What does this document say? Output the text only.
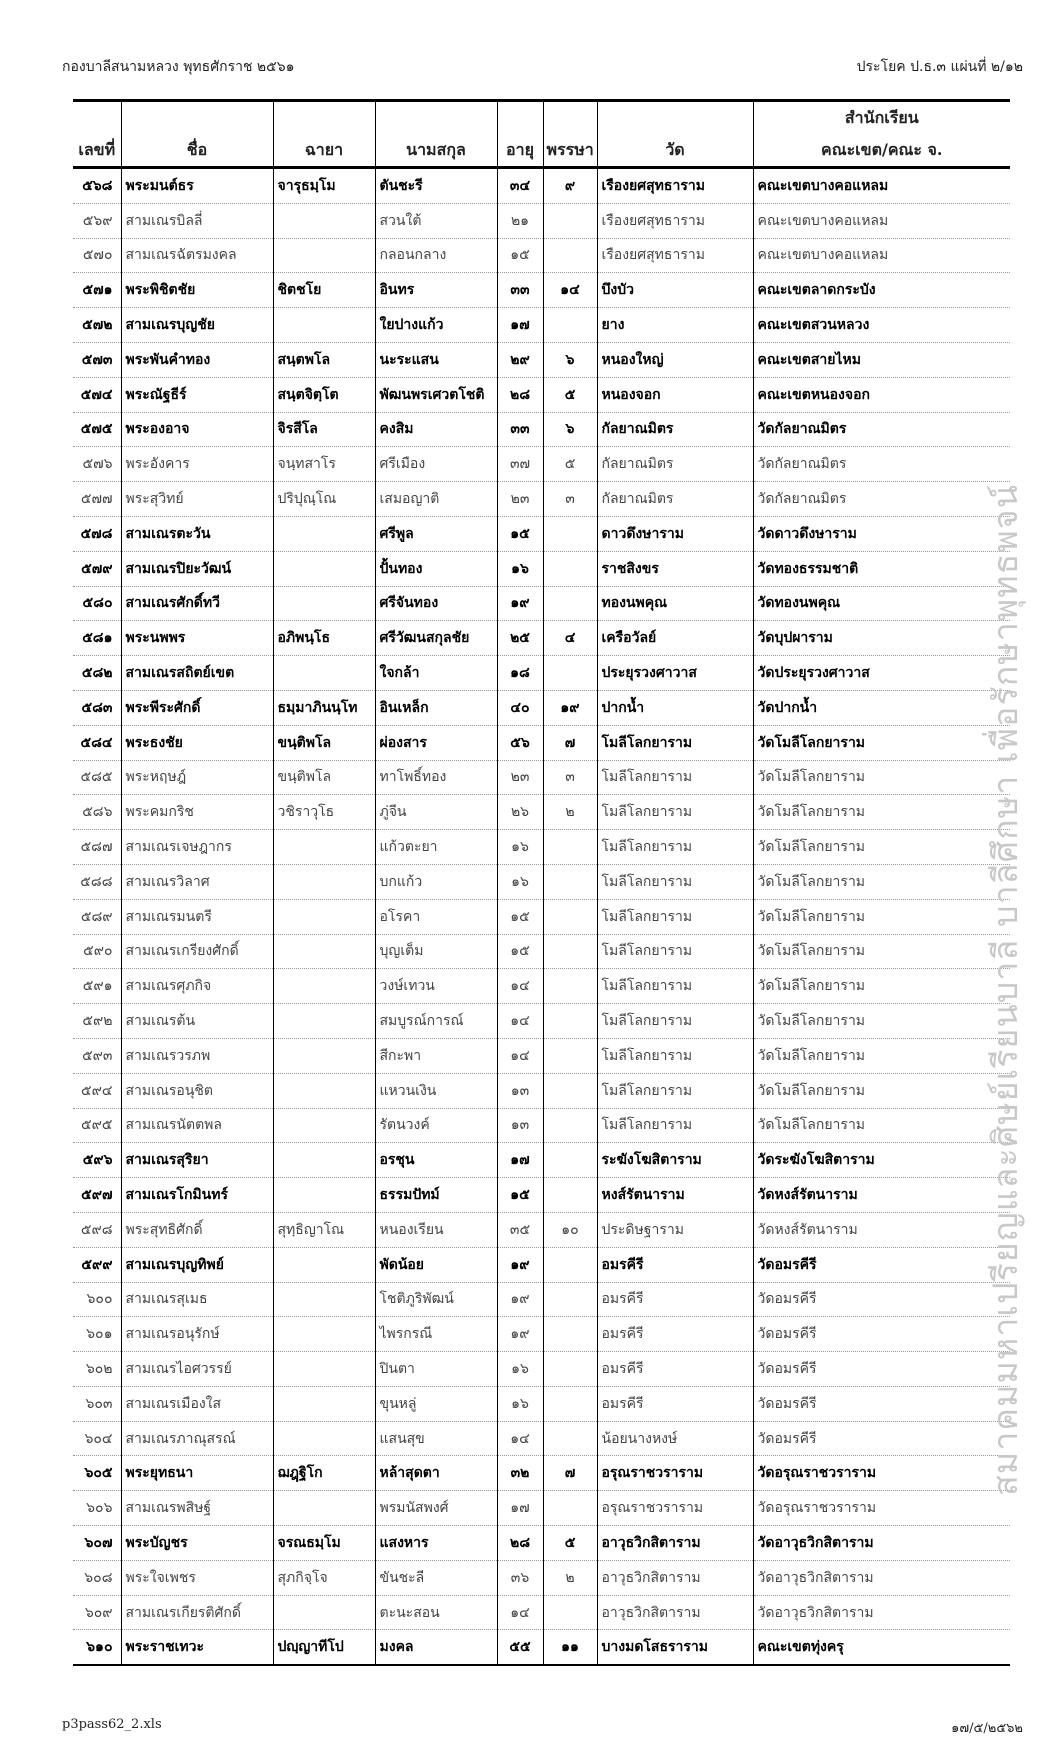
กองบาลีสนามหลวง พุทธศักราช ๒๕๖๑	ประโยค ป.ธ.๓ แผ่นที่ ๒/๑๒
เลขที่	ชื่อ	ฉายา	นามสกุล	อายุ	พรรษา	วัด	สำนักเรียน
คณะเขต/คณะ จ.

๕๖๘	พระมนต์ธร	จารุธมฺโม	ตันชะรี	๓๔	๙	เรืองยศสุทธาราม	คณะเขตบางคอแหลม
๕๖๙	สามเณรบิลลี่		สวนใต้	๒๑		เรืองยศสุทธาราม	คณะเขตบางคอแหลม
๕๗๐	สามเณรฉัตรมงคล		กลอนกลาง	๑๕		เรืองยศสุทธาราม	คณะเขตบางคอแหลม
๕๗๑	พระพิชิตชัย	ชิตชโย	อินทร	๓๓	๑๔	บึงบัว	คณะเขตลาดกระบัง
๕๗๒	สามเณรบุญชัย		ใยปางแก้ว	๑๗		ยาง	คณะเขตสวนหลวง
๕๗๓	พระพันคำทอง	สนฺตพโล	นะระแสน	๒๙	๖	หนองใหญ่	คณะเขตสายไหม
๕๗๔	พระณัฐธีร์	สนฺตจิตฺโต	พัฒนพรเศวตโชติ	๒๘	๕	หนองจอก	คณะเขตหนองจอก
๕๗๕	พระองอาจ	จิรสีโล	คงสิม	๓๓	๖	กัลยาณมิตร	วัดกัลยาณมิตร
๕๗๖	พระอังคาร	จนฺทสาโร	ศรีเมือง	๓๗	๕	กัลยาณมิตร	วัดกัลยาณมิตร
๕๗๗	พระสุวิทย์	ปริปุณฺโณ	เสมอญาติ	๒๓	๓	กัลยาณมิตร	วัดกัลยาณมิตร
๕๗๘	สามเณรตะวัน		ศรีพูล	๑๕		ดาวดึงษาราม	วัดดาวดึงษาราม
๕๗๙	สามเณรปิยะวัฒน์		ปั้นทอง	๑๖		ราชสิงขร	วัดทองธรรมชาติ
๕๘๐	สามเณรศักดิ์ทวี		ศรีจันทอง	๑๙		ทองนพคุณ	วัดทองนพคุณ
๕๘๑	พระนพพร	อภิพนฺโธ	ศรีวัฒนสกุลชัย	๒๕	๔	เครือวัลย์	วัดบุปผาราม
๕๘๒	สามเณรสถิตย์เขต		ใจกล้า	๑๘		ประยุรวงศาวาส	วัดประยุรวงศาวาส
๕๘๓	พระพีระศักดิ์	ธมฺมาภินนฺโท	อินเหล็ก	๔๐	๑๙	ปากน้ำ	วัดปากน้ำ
๕๘๔	พระธงชัย	ขนฺติพโล	ผ่องสาร	๕๖	๗	โมลีโลกยาราม	วัดโมลีโลกยาราม
๕๘๕	พระหฤษฎ์	ขนฺติพโล	ทาโพธิ์ทอง	๒๓	๓	โมลีโลกยาราม	วัดโมลีโลกยาราม
๕๘๖	พระคมกริช	วชิราวุโธ	ภู่จีน	๒๖	๒	โมลีโลกยาราม	วัดโมลีโลกยาราม
๕๘๗	สามเณรเจษฎากร		แก้วตะยา	๑๖		โมลีโลกยาราม	วัดโมลีโลกยาราม
๕๘๘	สามเณรวิลาศ		บกแก้ว	๑๖		โมลีโลกยาราม	วัดโมลีโลกยาราม
๕๘๙	สามเณรมนตรี		อโรคา	๑๕		โมลีโลกยาราม	วัดโมลีโลกยาราม
๕๙๐	สามเณรเกรียงศักดิ์		บุญเต็ม	๑๕		โมลีโลกยาราม	วัดโมลีโลกยาราม
๕๙๑	สามเณรศุภกิจ		วงษ์เทวน	๑๔		โมลีโลกยาราม	วัดโมลีโลกยาราม
๕๙๒	สามเณรต้น		สมบูรณ์การณ์	๑๔		โมลีโลกยาราม	วัดโมลีโลกยาราม
๕๙๓	สามเณรวรภพ		สีกะพา	๑๔		โมลีโลกยาราม	วัดโมลีโลกยาราม
๕๙๔	สามเณรอนุชิต		แหวนเงิน	๑๓		โมลีโลกยาราม	วัดโมลีโลกยาราม
๕๙๕	สามเณรนัตตพล		รัตนวงค์	๑๓		โมลีโลกยาราม	วัดโมลีโลกยาราม
๕๙๖	สามเณรสุริยา		อรชุน	๑๗		ระฆังโฆสิตาราม	วัดระฆังโฆสิตาราม
๕๙๗	สามเณรโกมินทร์		ธรรมปัทม์	๑๕		หงส์รัตนาราม	วัดหงส์รัตนาราม
๕๙๘	พระสุทธิศักดิ์	สุทฺธิญาโณ	หนองเรียน	๓๕	๑๐	ประดิษฐาราม	วัดหงส์รัตนาราม
๕๙๙	สามเณรบุญทิพย์		พัดน้อย	๑๙		อมรคีรี	วัดอมรคีรี
๖๐๐	สามเณรสุเมธ		โชติภูริพัฒน์	๑๙		อมรคีรี	วัดอมรคีรี
๖๐๑	สามเณรอนุรักษ์		ไพรกรณี	๑๙		อมรคีรี	วัดอมรคีรี
๖๐๒	สามเณรไอศวรรย์		ปินตา	๑๖		อมรคีรี	วัดอมรคีรี
๖๐๓	สามเณรเมืองใส		ขุนหลู่	๑๖		อมรคีรี	วัดอมรคีรี
๖๐๔	สามเณรภาณุสรณ์		แสนสุข	๑๔		น้อยนางหงษ์	วัดอมรคีรี
๖๐๕	พระยุทธนา	ฌฎฺฐิโก	หล้าสุดตา	๓๒	๗	อรุณราชวราราม	วัดอรุณราชวราราม
๖๐๖	สามเณรพสิษฐ์		พรมนัสพงศ์	๑๗		อรุณราชวราราม	วัดอรุณราชวราราม
๖๐๗	พระบัญชร	จรณธมฺโม	แสงหาร	๒๘	๕	อาวุธวิกสิตาราม	วัดอาวุธวิกสิตาราม
๖๐๘	พระใจเพชร	สุภกิจฺโจ	ขันชะลี	๓๖	๒	อาวุธวิกสิตาราม	วัดอาวุธวิกสิตาราม
๖๐๙	สามเณรเกียรติศักดิ์		ตะนะสอน	๑๔		อาวุธวิกสิตาราม	วัดอาวุธวิกสิตาราม
๖๑๐	พระราชเทวะ	ปญฺญาทีโป	มงคล	๕๕	๑๑	บางมดโสธราราม	คณะเขตทุ่งครุ
สมาคมมหาเปรียญและศิษย์เรียนบาลี บาลีศึกษา เพื่อรักษาพุทธพจน์
p3pass62_2.xls	๑๗/๕/๒๕๖๒
